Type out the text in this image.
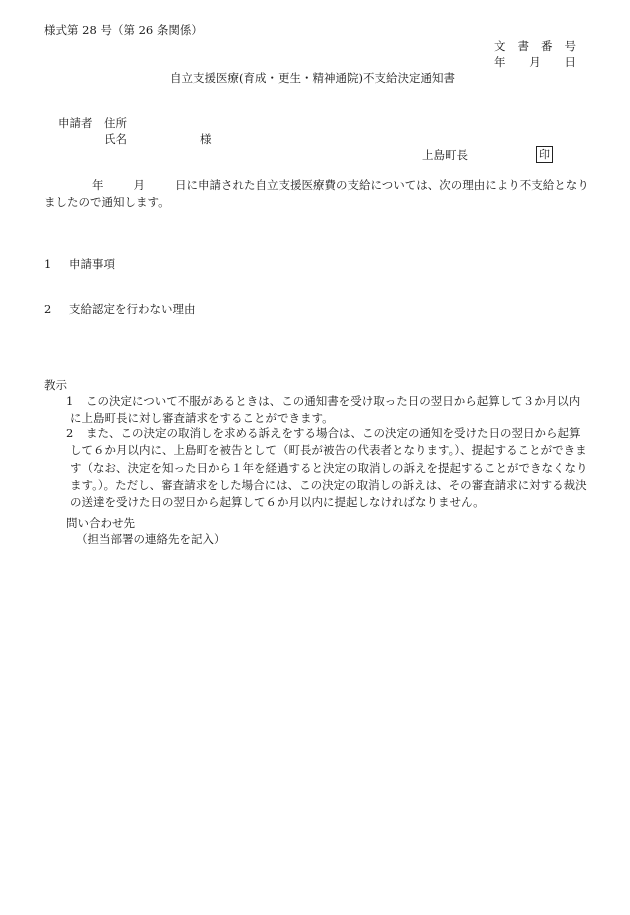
様式第 28 号（第 26 条関係）
文 書 番 号
年 月 日
自立支援医療(育成・更生・精神通院)不支給決定通知書
申請者 住所
氏名	様
上島町長	印
年	月	日に申請された自立支援医療費の支給については、次の理由により不支給となりましたので通知します。
1 申請事項
2 支給認定を行わない理由
教示
1	この決定について不服があるときは、この通知書を受け取った日の翌日から起算して３か月以内に上島町長に対し審査請求をすることができます。
2	また、この決定の取消しを求める訴えをする場合は、この決定の通知を受けた日の翌日から起算して６か月以内に、上島町を被告として（町長が被告の代表者となります。）、提起することができます（なお、決定を知った日から１年を経過すると決定の取消しの訴えを提起することができなくなります。）。ただし、審査請求をした場合には、この決定の取消しの訴えは、その審査請求に対する裁決の送達を受けた日の翌日から起算して６か月以内に提起しなければなりません。
問い合わせ先
（担当部署の連絡先を記入）
